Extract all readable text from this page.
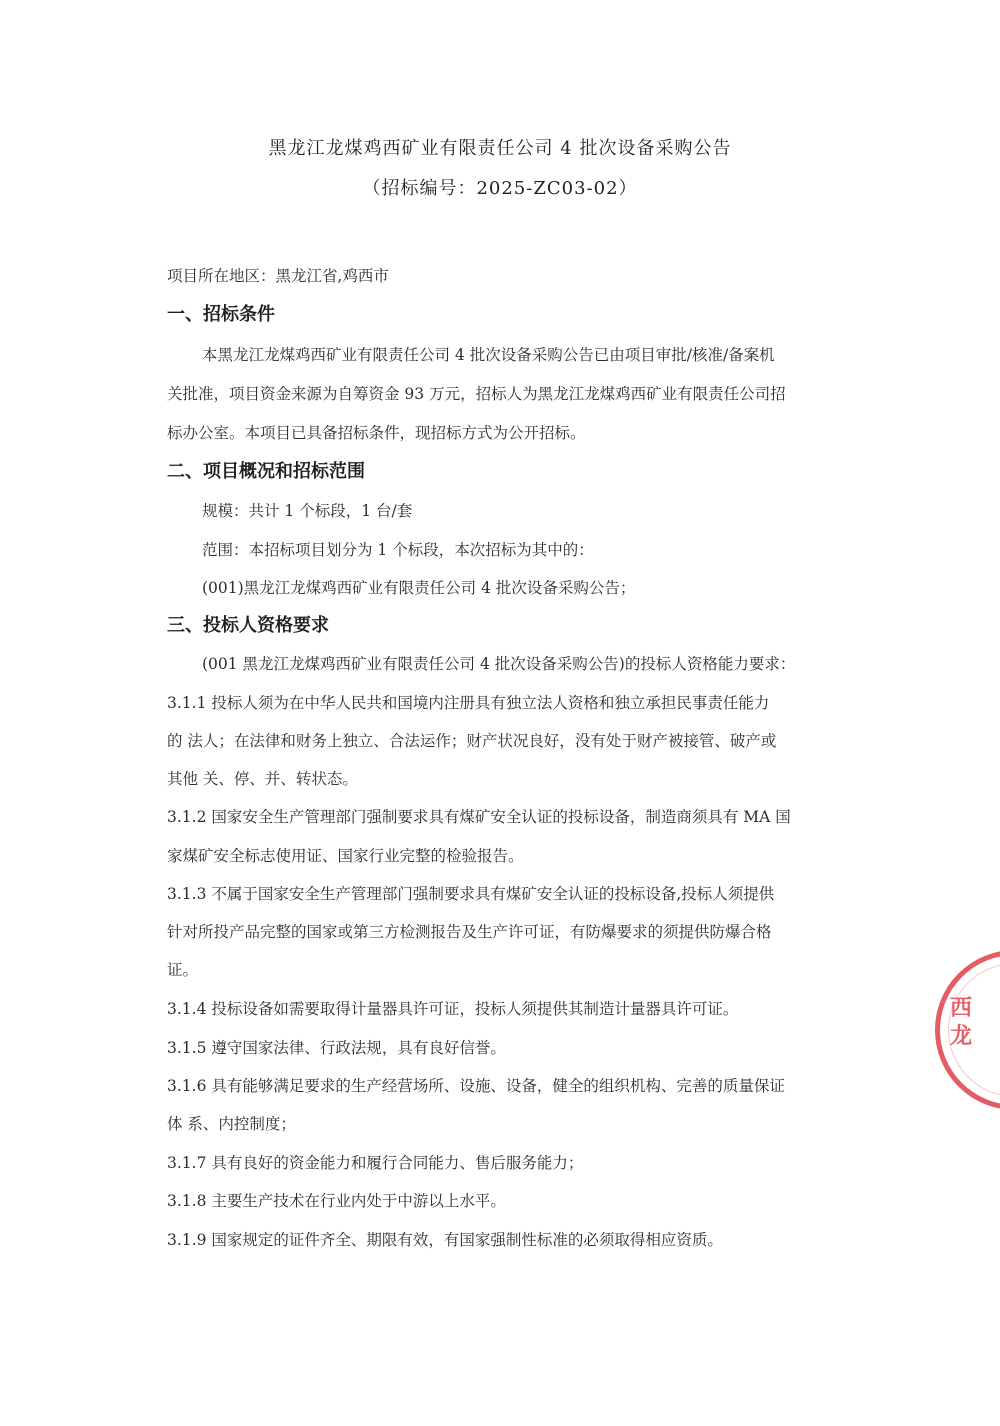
黑龙江龙煤鸡西矿业有限责任公司 4 批次设备采购公告
（招标编号：2025-ZC03-02）
项目所在地区：黑龙江省,鸡西市
一、招标条件
本黑龙江龙煤鸡西矿业有限责任公司 4 批次设备采购公告已由项目审批/核准/备案机
关批准，项目资金来源为自筹资金 93 万元，招标人为黑龙江龙煤鸡西矿业有限责任公司招
标办公室。本项目已具备招标条件，现招标方式为公开招标。
二、项目概况和招标范围
规模：共计 1 个标段，1 台/套
范围：本招标项目划分为 1 个标段，本次招标为其中的：
(001)黑龙江龙煤鸡西矿业有限责任公司 4 批次设备采购公告；
三、投标人资格要求
(001 黑龙江龙煤鸡西矿业有限责任公司 4 批次设备采购公告)的投标人资格能力要求：
3.1.1 投标人须为在中华人民共和国境内注册具有独立法人资格和独立承担民事责任能力
的 法人；在法律和财务上独立、合法运作；财产状况良好，没有处于财产被接管、破产或
其他 关、停、并、转状态。
3.1.2 国家安全生产管理部门强制要求具有煤矿安全认证的投标设备，制造商须具有 MA 国
家煤矿安全标志使用证、国家行业完整的检验报告。
3.1.3 不属于国家安全生产管理部门强制要求具有煤矿安全认证的投标设备,投标人须提供
针对所投产品完整的国家或第三方检测报告及生产许可证，有防爆要求的须提供防爆合格
证。
3.1.4 投标设备如需要取得计量器具许可证，投标人须提供其制造计量器具许可证。
3.1.5 遵守国家法律、行政法规，具有良好信誉。
3.1.6 具有能够满足要求的生产经营场所、设施、设备，健全的组织机构、完善的质量保证
体 系、内控制度；
3.1.7 具有良好的资金能力和履行合同能力、售后服务能力；
3.1.8 主要生产技术在行业内处于中游以上水平。
3.1.9 国家规定的证件齐全、期限有效，有国家强制性标准的必须取得相应资质。
西龙
